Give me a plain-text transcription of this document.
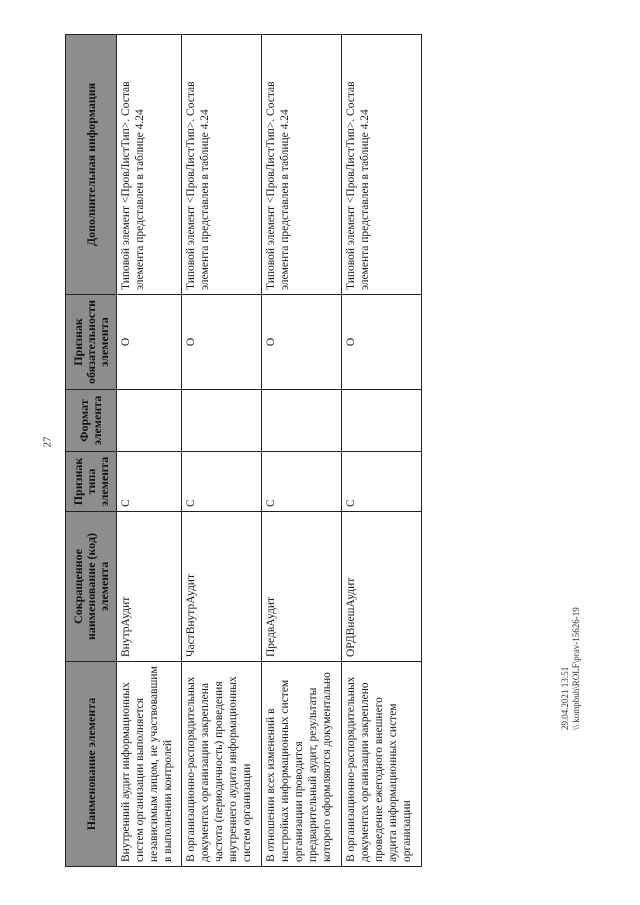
27
Наименование элемента	Сокращенное наименование (код) элемента	Признак типа элемента	Формат элемента	Признак обязательности элемента	Дополнительная информация
Внутренний аудит информационных систем организации выполняется независимым лицом, не участвовавшим в выполнении контролей	ВнутрАудит	С		О	Типовой элемент <ПровЛистТип>. Состав элемента представлен в таблице 4.24
В организационно-распорядительных документах организации закреплена частота (периодичность) проведения внутреннего аудита информационных систем организации	ЧастВнутрАудит	С		О	Типовой элемент <ПровЛистТип>. Состав элемента представлен в таблице 4.24
В отношении всех изменений в настройках информационных систем организации проводится предварительный аудит, результаты которого оформляются документально	ПредвАудит	С		О	Типовой элемент <ПровЛистТип>. Состав элемента представлен в таблице 4.24
В организационно-распорядительных документах организации закреплено проведение ежегодного внешнего аудита информационных систем организации	ОРДВнешАудит	С		О	Типовой элемент <ПровЛистТип>. Состав элемента представлен в таблице 4.24
29.04.2021 13:51 \\ kompbuh\ROLF\prav-15626-19
